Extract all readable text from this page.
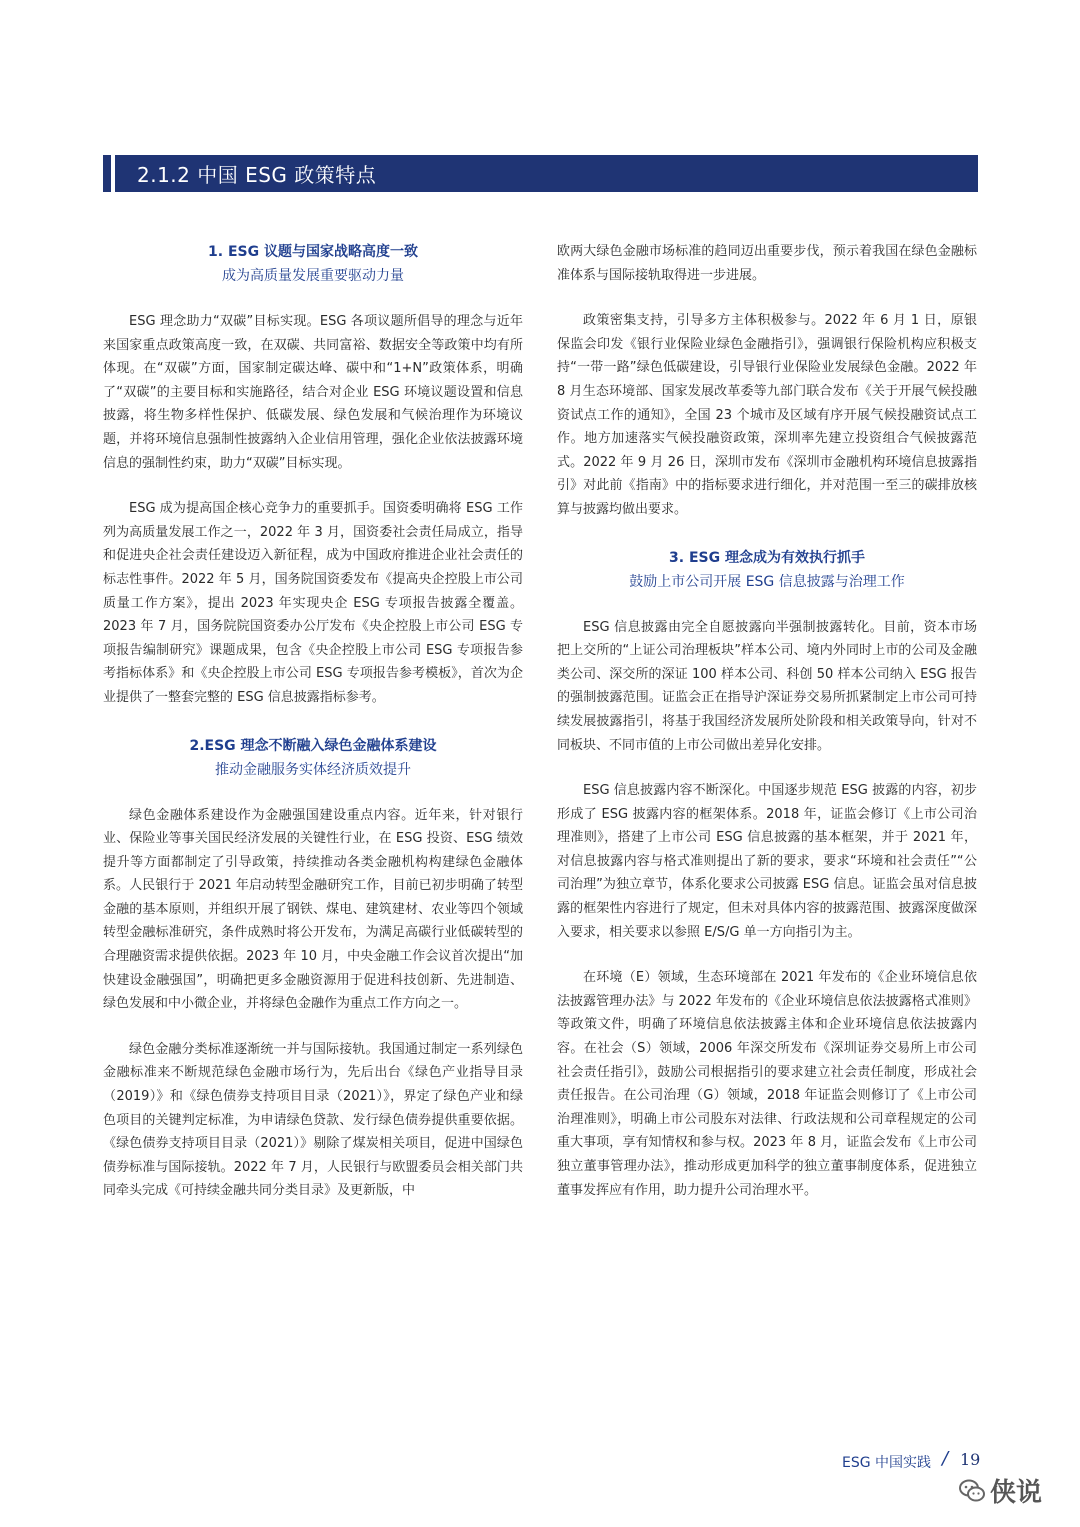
2.1.2 中国 ESG 政策特点
1. ESG 议题与国家战略高度一致
成为高质量发展重要驱动力量

ESG 理念助力“双碳”目标实现。ESG 各项议题所倡导的理念与近年来国家重点政策高度一致，在双碳、共同富裕、数据安全等政策中均有所体现。在“双碳”方面，国家制定碳达峰、碳中和“1+N”政策体系，明确了“双碳”的主要目标和实施路径，结合对企业 ESG 环境议题设置和信息披露，将生物多样性保护、低碳发展、绿色发展和气候治理作为环境议题，并将环境信息强制性披露纳入企业信用管理，强化企业依法披露环境信息的强制性约束，助力“双碳”目标实现。

ESG 成为提高国企核心竞争力的重要抓手。国资委明确将 ESG 工作列为高质量发展工作之一，2022 年 3 月，国资委社会责任局成立，指导和促进央企社会责任建设迈入新征程，成为中国政府推进企业社会责任的标志性事件。2022 年 5 月，国务院国资委发布《提高央企控股上市公司质量工作方案》，提出 2023 年实现央企 ESG 专项报告披露全覆盖。2023 年 7 月，国务院院国资委办公厅发布《央企控股上市公司 ESG 专项报告编制研究》课题成果，包含《央企控股上市公司 ESG 专项报告参考指标体系》和《央企控股上市公司 ESG 专项报告参考模板》，首次为企业提供了一整套完整的 ESG 信息披露指标参考。

2.ESG 理念不断融入绿色金融体系建设
推动金融服务实体经济质效提升

绿色金融体系建设作为金融强国建设重点内容。近年来，针对银行业、保险业等事关国民经济发展的关键性行业，在 ESG 投资、ESG 绩效提升等方面都制定了引导政策，持续推动各类金融机构构建绿色金融体系。人民银行于 2021 年启动转型金融研究工作，目前已初步明确了转型金融的基本原则，并组织开展了钢铁、煤电、建筑建材、农业等四个领域转型金融标准研究，条件成熟时将公开发布，为满足高碳行业低碳转型的合理融资需求提供依据。2023 年 10 月，中央金融工作会议首次提出“加快建设金融强国”，明确把更多金融资源用于促进科技创新、先进制造、绿色发展和中小微企业，并将绿色金融作为重点工作方向之一。

绿色金融分类标准逐渐统一并与国际接轨。我国通过制定一系列绿色金融标准来不断规范绿色金融市场行为，先后出台《绿色产业指导目录（2019）》和《绿色债券支持项目目录（2021）》，界定了绿色产业和绿色项目的关键判定标准，为申请绿色贷款、发行绿色债券提供重要依据。《绿色债券支持项目目录（2021）》剔除了煤炭相关项目，促进中国绿色债券标准与国际接轨。2022 年 7 月，人民银行与欧盟委员会相关部门共同牵头完成《可持续金融共同分类目录》及更新版，中

欧两大绿色金融市场标准的趋同迈出重要步伐，预示着我国在绿色金融标准体系与国际接轨取得进一步进展。

政策密集支持，引导多方主体积极参与。2022 年 6 月 1 日，原银保监会印发《银行业保险业绿色金融指引》，强调银行保险机构应积极支持“一带一路”绿色低碳建设，引导银行业保险业发展绿色金融。2022 年 8 月生态环境部、国家发展改革委等九部门联合发布《关于开展气候投融资试点工作的通知》，全国 23 个城市及区域有序开展气候投融资试点工作。地方加速落实气候投融资政策，深圳率先建立投资组合气候披露范式。2022 年 9 月 26 日，深圳市发布《深圳市金融机构环境信息披露指引》对此前《指南》中的指标要求进行细化，并对范围一至三的碳排放核算与披露均做出要求。

3. ESG 理念成为有效执行抓手
鼓励上市公司开展 ESG 信息披露与治理工作

ESG 信息披露由完全自愿披露向半强制披露转化。目前，资本市场把上交所的“上证公司治理板块”样本公司、境内外同时上市的公司及金融类公司、深交所的深证 100 样本公司、科创 50 样本公司纳入 ESG 报告的强制披露范围。证监会正在指导沪深证券交易所抓紧制定上市公司可持续发展披露指引，将基于我国经济发展所处阶段和相关政策导向，针对不同板块、不同市值的上市公司做出差异化安排。

ESG 信息披露内容不断深化。中国逐步规范 ESG 披露的内容，初步形成了 ESG 披露内容的框架体系。2018 年，证监会修订《上市公司治理准则》，搭建了上市公司 ESG 信息披露的基本框架，并于 2021 年，对信息披露内容与格式准则提出了新的要求，要求“环境和社会责任”“公司治理”为独立章节，体系化要求公司披露 ESG 信息。证监会虽对信息披露的框架性内容进行了规定，但未对具体内容的披露范围、披露深度做深入要求，相关要求以参照 E/S/G 单一方向指引为主。

在环境（E）领域，生态环境部在 2021 年发布的《企业环境信息依法披露管理办法》与 2022 年发布的《企业环境信息依法披露格式准则》等政策文件，明确了环境信息依法披露主体和企业环境信息依法披露内容。在社会（S）领域，2006 年深交所发布《深圳证券交易所上市公司社会责任指引》，鼓励公司根据指引的要求建立社会责任制度，形成社会责任报告。在公司治理（G）领域，2018 年证监会则修订了《上市公司治理准则》，明确上市公司股东对法律、行政法规和公司章程规定的公司重大事项，享有知情权和参与权。2023 年 8 月，证监会发布《上市公司独立董事管理办法》，推动形成更加科学的独立董事制度体系，促进独立董事发挥应有作用，助力提升公司治理水平。

ESG 中国实践 / 19
侠说
